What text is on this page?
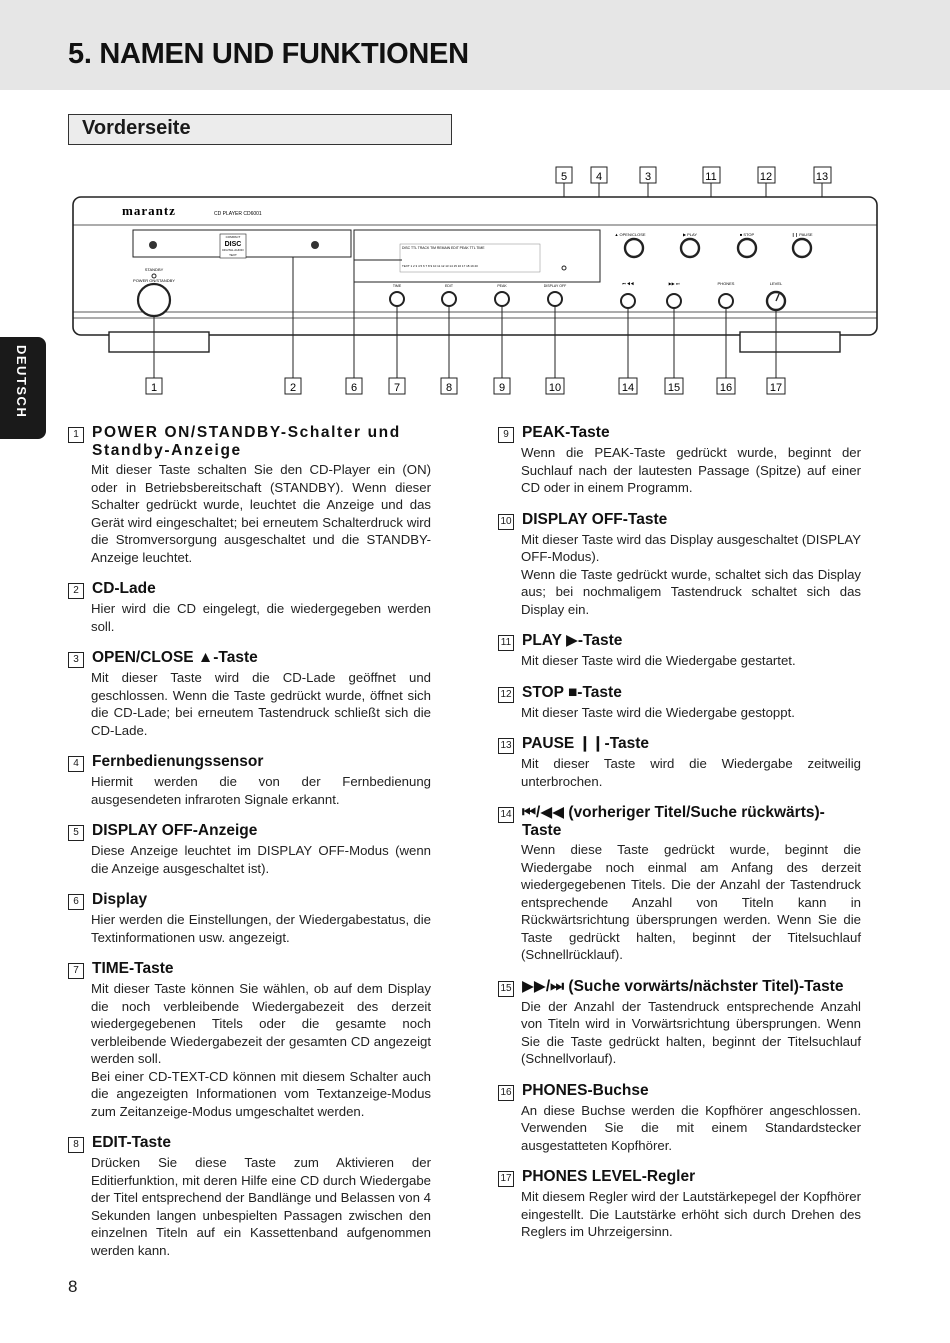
5. NAMEN UND FUNKTIONEN
Vorderseite
DEUTSCH
5	4	3	11	12	13
marantz	CD PLAYER CD6001
COMPACT
DISC
DIGITAL AUDIO
TEXT
DISC TTL TRACK TIM REMAIN EDIT PEAK TTL TIME
TEXT 1 2 3 4 5 6 7 8 9 10 11 12 13 14 15 16 17 18 19 20
STANDBY
POWER ON/STANDBY
TIME	EDIT	PEAK	DISPLAY OFF
▲ OPEN/CLOSE	▶ PLAY	■ STOP	❙❙ PAUSE
⏮ ◀◀	▶▶ ⏭	PHONES	LEVEL
1	2	6	7	8	9	10	14	15	16	17
1 POWER ON/STANDBY-Schalter und Standby-Anzeige
Mit dieser Taste schalten Sie den CD-Player ein (ON) oder in Betriebsbereitschaft (STANDBY). Wenn dieser Schalter gedrückt wurde, leuchtet die Anzeige und das Gerät wird eingeschaltet; bei erneutem Schalterdruck wird die Stromversorgung ausgeschaltet und die STANDBY-Anzeige leuchtet.
2 CD-Lade
Hier wird die CD eingelegt, die wiedergegeben werden soll.
3 OPEN/CLOSE ▲-Taste
Mit dieser Taste wird die CD-Lade geöffnet und geschlossen. Wenn die Taste gedrückt wurde, öffnet sich die CD-Lade; bei erneutem Tastendruck schließt sich die CD-Lade.
4 Fernbedienungssensor
Hiermit werden die von der Fernbedienung ausgesendeten infraroten Signale erkannt.
5 DISPLAY OFF-Anzeige
Diese Anzeige leuchtet im DISPLAY OFF-Modus (wenn die Anzeige ausgeschaltet ist).
6 Display
Hier werden die Einstellungen, der Wiedergabestatus, die Textinformationen usw. angezeigt.
7 TIME-Taste
Mit dieser Taste können Sie wählen, ob auf dem Display die noch verbleibende Wiedergabezeit des derzeit wiedergegebenen Titels oder die gesamte noch verbleibende Wiedergabezeit der gesamten CD angezeigt werden soll.
Bei einer CD-TEXT-CD können mit diesem Schalter auch die angezeigten Informationen vom Textanzeige-Modus zum Zeitanzeige-Modus umgeschaltet werden.
8 EDIT-Taste
Drücken Sie diese Taste zum Aktivieren der Editierfunktion, mit deren Hilfe eine CD durch Wiedergabe der Titel entsprechend der Bandlänge und Belassen von 4 Sekunden langen unbespielten Passagen zwischen den einzelnen Titeln auf ein Kassettenband aufgenommen werden kann.
9 PEAK-Taste
Wenn die PEAK-Taste gedrückt wurde, beginnt der Suchlauf nach der lautesten Passage (Spitze) auf einer CD oder in einem Programm.
10 DISPLAY OFF-Taste
Mit dieser Taste wird das Display ausgeschaltet (DISPLAY OFF-Modus).
Wenn die Taste gedrückt wurde, schaltet sich das Display aus; bei nochmaligem Tastendruck schaltet sich das Display ein.
11 PLAY ▶-Taste
Mit dieser Taste wird die Wiedergabe gestartet.
12 STOP ■-Taste
Mit dieser Taste wird die Wiedergabe gestoppt.
13 PAUSE ❙❙-Taste
Mit dieser Taste wird die Wiedergabe zeitweilig unterbrochen.
14 ⏮/◀◀ (vorheriger Titel/Suche rückwärts)-Taste
Wenn diese Taste gedrückt wurde, beginnt die Wiedergabe noch einmal am Anfang des derzeit wiedergegebenen Titels. Die der Anzahl der Tastendruck entsprechende Anzahl von Titeln kann in Rückwärtsrichtung übersprungen werden. Wenn Sie die Taste gedrückt halten, beginnt der Titelsuchlauf (Schnellrücklauf).
15 ▶▶/⏭ (Suche vorwärts/nächster Titel)-Taste
Die der Anzahl der Tastendruck entsprechende Anzahl von Titeln wird in Vorwärtsrichtung übersprungen. Wenn Sie die Taste gedrückt halten, beginnt der Titelsuchlauf (Schnellvorlauf).
16 PHONES-Buchse
An diese Buchse werden die Kopfhörer angeschlossen. Verwenden Sie die mit einem Standardstecker ausgestatteten Kopfhörer.
17 PHONES LEVEL-Regler
Mit diesem Regler wird der Lautstärkepegel der Kopfhörer eingestellt. Die Lautstärke erhöht sich durch Drehen des Reglers im Uhrzeigersinn.
8
